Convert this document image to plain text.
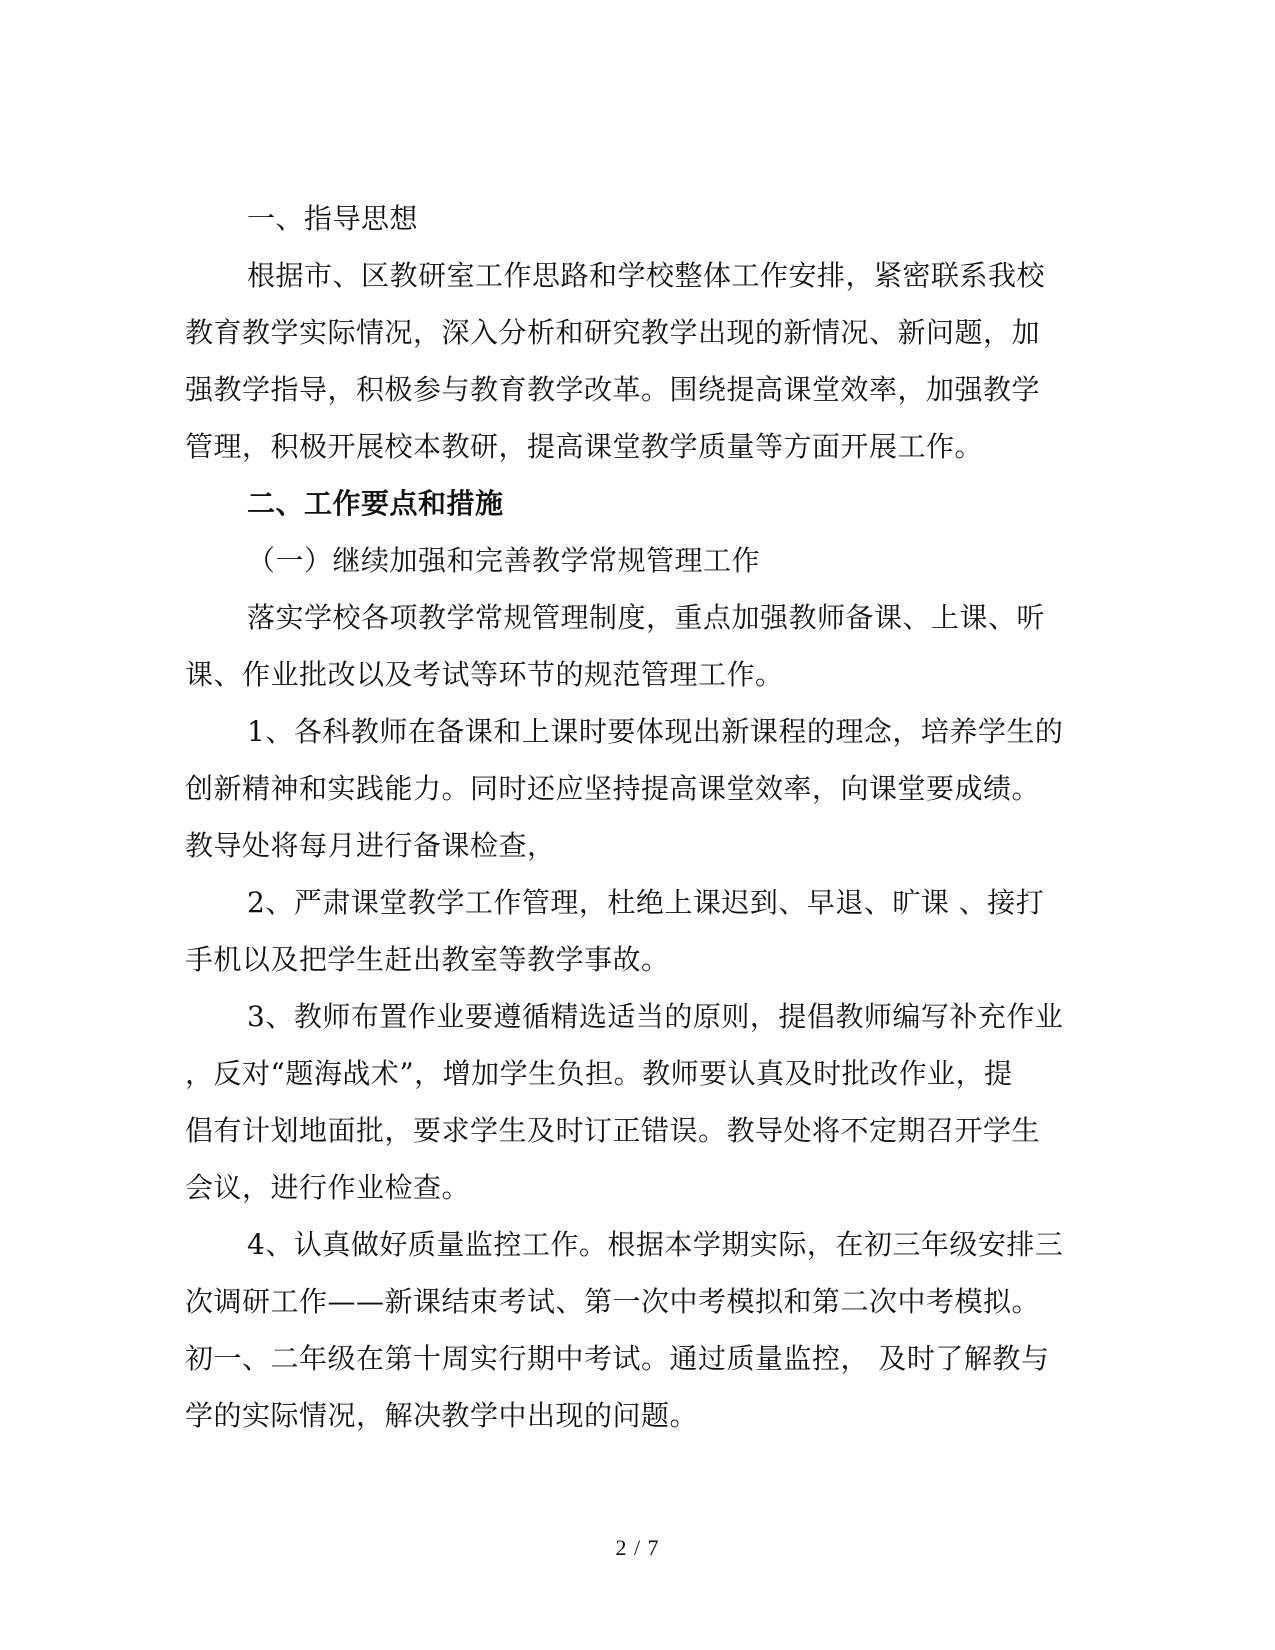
一、指导思想
根据市、区教研室工作思路和学校整体工作安排，紧密联系我校
教育教学实际情况，深入分析和研究教学出现的新情况、新问题，加
强教学指导，积极参与教育教学改革。围绕提高课堂效率，加强教学
管理，积极开展校本教研，提高课堂教学质量等方面开展工作。
二、工作要点和措施
（一）继续加强和完善教学常规管理工作
落实学校各项教学常规管理制度，重点加强教师备课、上课、听
课、作业批改以及考试等环节的规范管理工作。
1、各科教师在备课和上课时要体现出新课程的理念，培养学生的
创新精神和实践能力。同时还应坚持提高课堂效率，向课堂要成绩。
教导处将每月进行备课检查，
2、严肃课堂教学工作管理，杜绝上课迟到、早退、旷课 、接打
手机以及把学生赶出教室等教学事故。
3、教师布置作业要遵循精选适当的原则，提倡教师编写补充作业
，反对“题海战术”，增加学生负担。教师要认真及时批改作业，提
倡有计划地面批，要求学生及时订正错误。教导处将不定期召开学生
会议，进行作业检查。
4、认真做好质量监控工作。根据本学期实际，在初三年级安排三
次调研工作——新课结束考试、第一次中考模拟和第二次中考模拟。
初一、二年级在第十周实行期中考试。通过质量监控， 及时了解教与
学的实际情况，解决教学中出现的问题。
2 / 7
